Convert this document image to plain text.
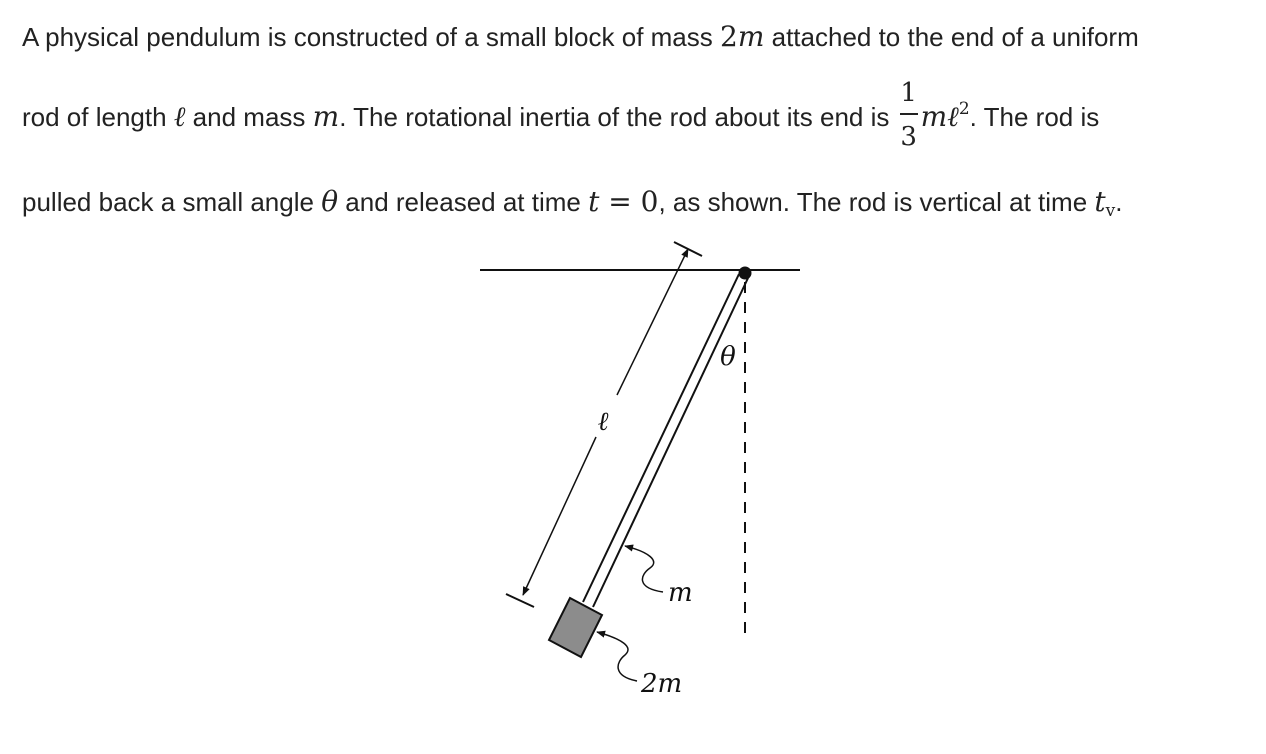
A physical pendulum is constructed of a small block of mass 2m attached to the end of a uniform
rod of length ℓ and mass m. The rotational inertia of the rod about its end is $\frac{1}{3}$ mℓ$^2$. The rod is
pulled back a small angle θ and released at time t = 0, as shown. The rod is vertical at time $t_v$.
ℓ
θ
m
2m
